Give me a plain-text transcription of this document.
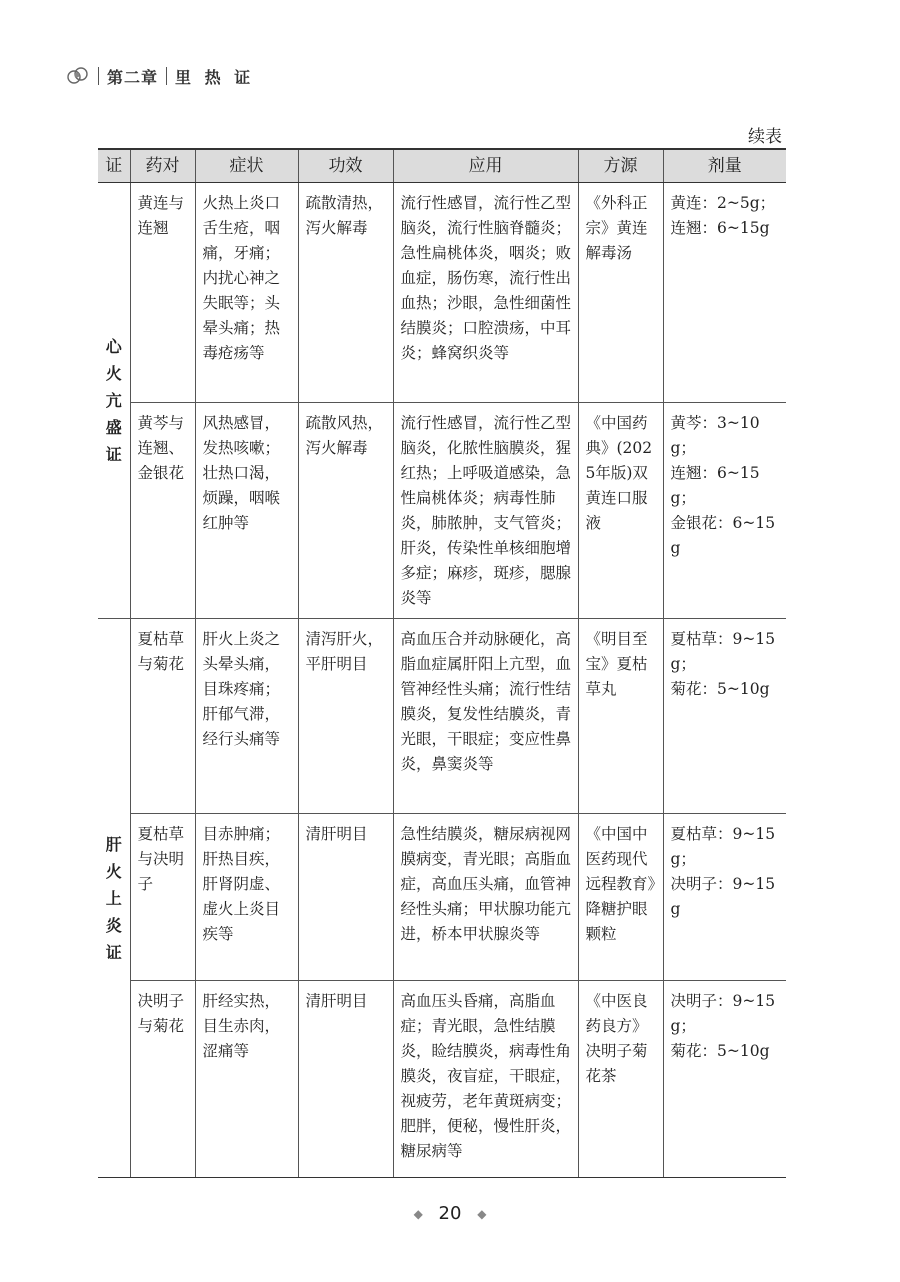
第二章 里 热 证
续表
证	药对	症状	功效	应用	方源	剂量
心火亢盛证	黄连与连翘	火热上炎口舌生疮，咽痛，牙痛；内扰心神之失眠等；头晕头痛；热毒疮疡等	疏散清热，泻火解毒	流行性感冒，流行性乙型脑炎，流行性脑脊髓炎；急性扁桃体炎，咽炎；败血症，肠伤寒，流行性出血热；沙眼，急性细菌性结膜炎；口腔溃疡，中耳炎；蜂窝织炎等	《外科正宗》黄连解毒汤	黄连：2~5g；
连翘：6~15g

	黄芩与连翘、金银花	风热感冒，发热咳嗽；壮热口渴，烦躁，咽喉红肿等	疏散风热，泻火解毒	流行性感冒，流行性乙型脑炎，化脓性脑膜炎，猩红热；上呼吸道感染，急性扁桃体炎；病毒性肺炎，肺脓肿，支气管炎；肝炎，传染性单核细胞增多症；麻疹，斑疹，腮腺炎等	《中国药典》(2025年版)双黄连口服液	黄芩：3~10g；
连翘：6~15g；
金银花：6~15g

肝火上炎证	夏枯草与菊花	肝火上炎之头晕头痛，目珠疼痛；肝郁气滞，经行头痛等	清泻肝火，平肝明目	高血压合并动脉硬化，高脂血症属肝阳上亢型，血管神经性头痛；流行性结膜炎，复发性结膜炎，青光眼，干眼症；变应性鼻炎，鼻窦炎等	《明目至宝》夏枯草丸	夏枯草：9~15g；
菊花：5~10g

	夏枯草与决明子	目赤肿痛；肝热目疾，肝肾阴虚、虚火上炎目疾等	清肝明目	急性结膜炎，糖尿病视网膜病变，青光眼；高脂血症，高血压头痛，血管神经性头痛；甲状腺功能亢进，桥本甲状腺炎等	《中国中医药现代远程教育》降糖护眼颗粒	夏枯草：9~15g；
决明子：9~15g

	决明子与菊花	肝经实热，目生赤肉，涩痛等	清肝明目	高血压头昏痛，高脂血症；青光眼，急性结膜炎，睑结膜炎，病毒性角膜炎，夜盲症，干眼症，视疲劳，老年黄斑病变；肥胖，便秘，慢性肝炎，糖尿病等	《中医良药良方》决明子菊花茶	决明子：9~15g；
菊花：5~10g
◆ 20 ◆
